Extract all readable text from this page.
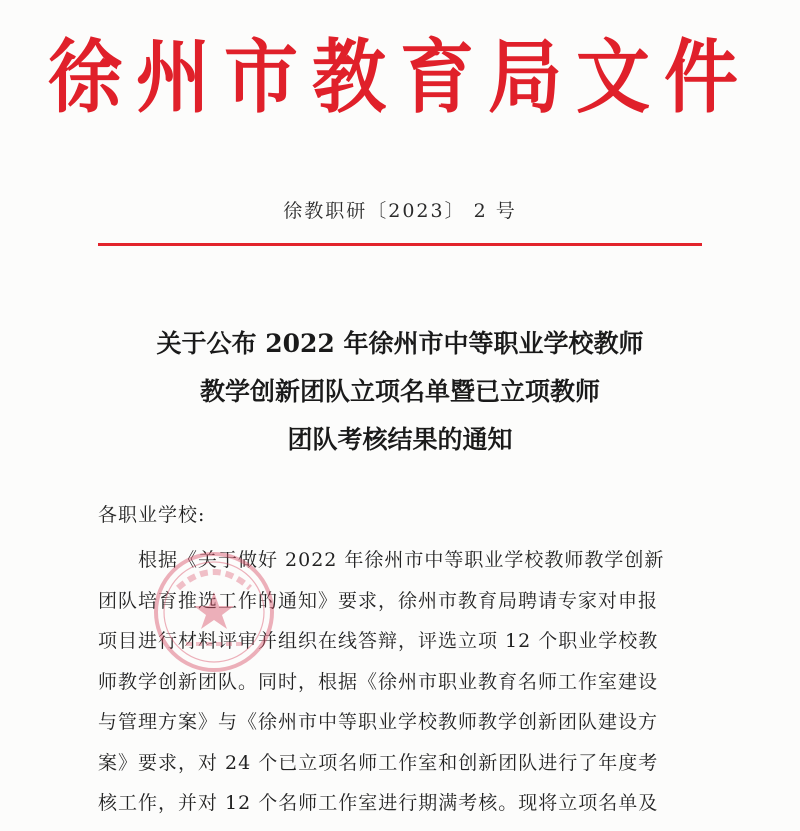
徐州市教育局文件
徐教职研〔2023〕 2 号
关于公布 2022 年徐州市中等职业学校教师
教学创新团队立项名单暨已立项教师
团队考核结果的通知
各职业学校:
根据《关于做好 2022 年徐州市中等职业学校教师教学创新
团队培育推选工作的通知》要求，徐州市教育局聘请专家对申报
项目进行材料评审并组织在线答辩，评选立项 12 个职业学校教
师教学创新团队。同时，根据《徐州市职业教育名师工作室建设
与管理方案》与《徐州市中等职业学校教师教学创新团队建设方
案》要求，对 24 个已立项名师工作室和创新团队进行了年度考
核工作，并对 12 个名师工作室进行期满考核。现将立项名单及
